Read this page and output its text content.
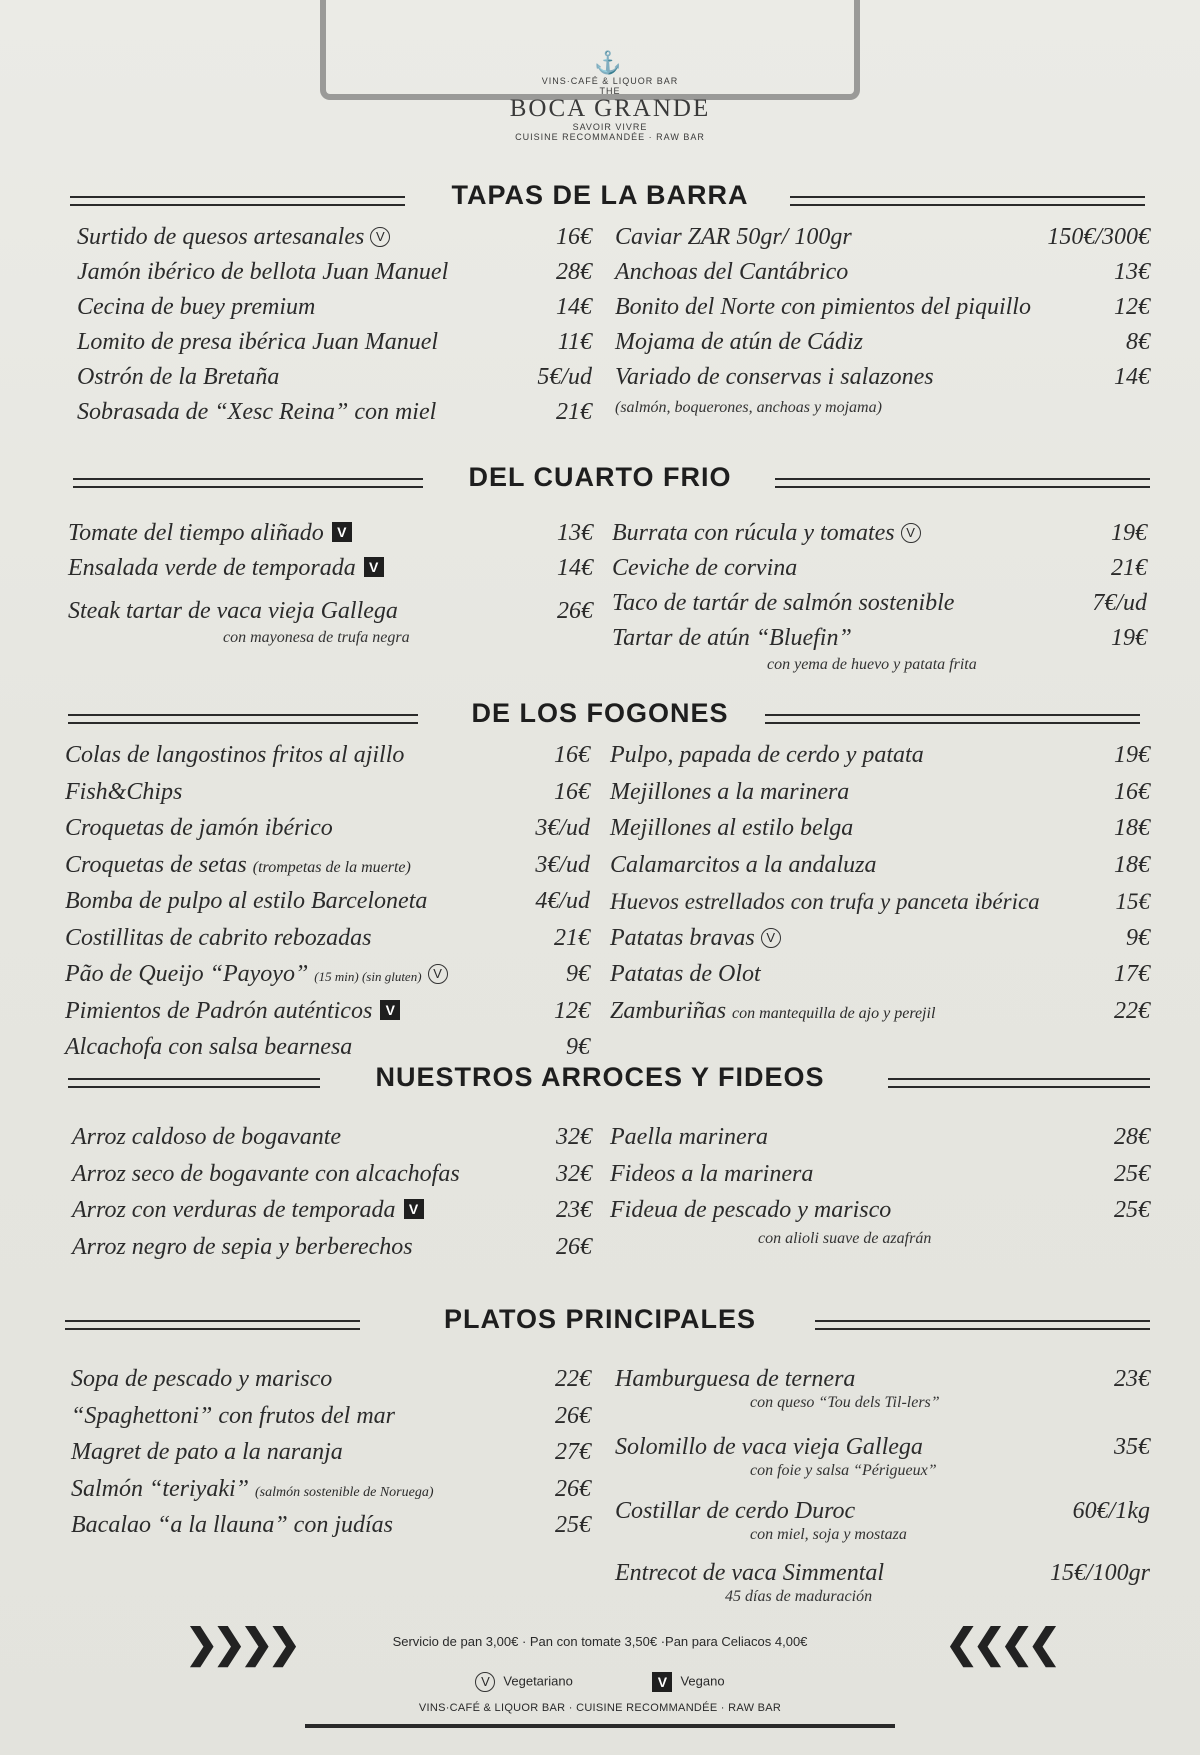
⚓
VINS·CAFÉ & LIQUOR BAR
THE
BOCA GRANDE
SAVOIR VIVRE
CUISINE RECOMMANDÉE · RAW BAR
TAPAS DE LA BARRA
Surtido de quesos artesanales V	16€
Jamón ibérico de bellota Juan Manuel	28€
Cecina de buey premium	14€
Lomito de presa ibérica Juan Manuel	11€
Ostrón de la Bretaña	5€/ud
Sobrasada de “Xesc Reina” con miel	21€
Caviar ZAR 50gr/ 100gr	150€/300€
Anchoas del Cantábrico	13€
Bonito del Norte con pimientos del piquillo	12€
Mojama de atún de Cádiz	8€
Variado de conservas i salazones	14€
(salmón, boquerones, anchoas y mojama)
DEL CUARTO FRIO
Tomate del tiempo aliñado V	13€
Ensalada verde de temporada V	14€
Steak tartar de vaca vieja Gallega	26€
con mayonesa de trufa negra
Burrata con rúcula y tomates V	19€
Ceviche de corvina	21€
Taco de tartár de salmón sostenible	7€/ud
Tartar de atún “Bluefin”	19€
con yema de huevo y patata frita
DE LOS FOGONES
Colas de langostinos fritos al ajillo	16€
Fish&Chips	16€
Croquetas de jamón ibérico	3€/ud
Croquetas de setas (trompetas de la muerte)	3€/ud
Bomba de pulpo al estilo Barceloneta	4€/ud
Costillitas de cabrito rebozadas	21€
Pão de Queijo “Payoyo” (15 min) (sin gluten) V	9€
Pimientos de Padrón auténticos V	12€
Alcachofa con salsa bearnesa	9€
Pulpo, papada de cerdo y patata	19€
Mejillones a la marinera	16€
Mejillones al estilo belga	18€
Calamarcitos a la andaluza	18€
Huevos estrellados con trufa y panceta ibérica	15€
Patatas bravas V	9€
Patatas de Olot	17€
Zamburiñas con mantequilla de ajo y perejil	22€
NUESTROS ARROCES Y FIDEOS
Arroz caldoso de bogavante	32€
Arroz seco de bogavante con alcachofas	32€
Arroz con verduras de temporada V	23€
Arroz negro de sepia y berberechos	26€
Paella marinera	28€
Fideos a la marinera	25€
Fideua de pescado y marisco	25€
con alioli suave de azafrán
PLATOS PRINCIPALES
Sopa de pescado y marisco	22€
“Spaghettoni” con frutos del mar	26€
Magret de pato a la naranja	27€
Salmón “teriyaki” (salmón sostenible de Noruega)	26€
Bacalao “a la llauna” con judías	25€
Hamburguesa de ternera	23€
con queso “Tou dels Til-lers”
Solomillo de vaca vieja Gallega	35€
con foie y salsa “Périgueux”
Costillar de cerdo Duroc	60€/1kg
con miel, soja y mostaza
Entrecot de vaca Simmental	15€/100gr
45 días de maduración
❯❯❯❯	Servicio de pan 3,00€ · Pan con tomate 3,50€ ·Pan para Celiacos 4,00€	❮❮❮❮
V Vegetariano	V Vegano
VINS·CAFÉ & LIQUOR BAR · CUISINE RECOMMANDÉE · RAW BAR
